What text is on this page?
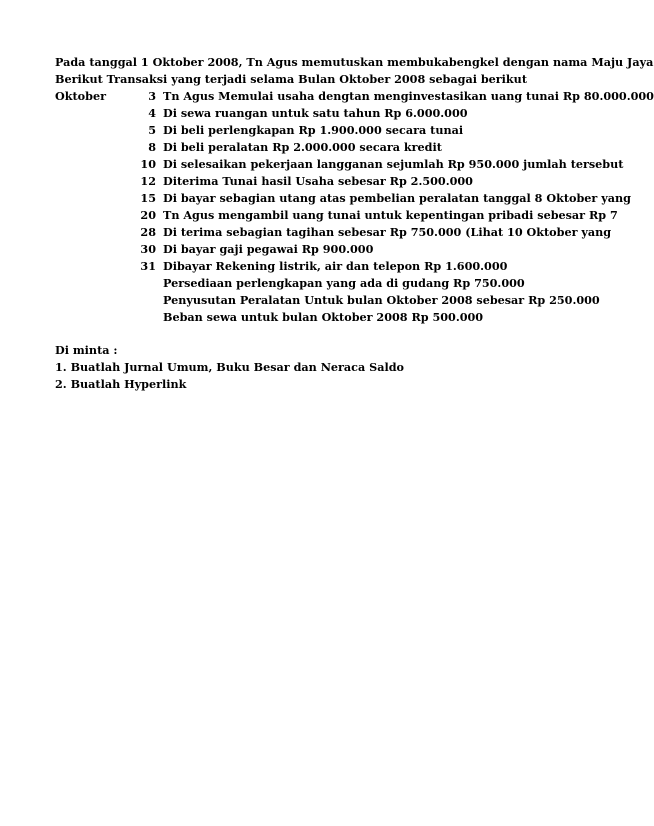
Pada tanggal 1 Oktober 2008, Tn Agus memutuskan membukabengkel dengan nama Maju Jaya
Berikut Transaksi yang terjadi selama Bulan Oktober 2008 sebagai berikut
Oktober	3 Tn Agus Memulai usaha dengtan menginvestasikan uang tunai Rp 80.000.000
4 Di sewa ruangan untuk satu tahun Rp 6.000.000
5 Di beli perlengkapan Rp 1.900.000 secara tunai
8 Di beli peralatan Rp 2.000.000 secara kredit
10 Di selesaikan pekerjaan langganan sejumlah Rp 950.000 jumlah tersebut
12 Diterima Tunai hasil Usaha sebesar Rp 2.500.000
15 Di bayar sebagian utang atas pembelian peralatan tanggal 8 Oktober yang
20 Tn Agus mengambil uang tunai untuk kepentingan pribadi sebesar Rp 7
28 Di terima sebagian tagihan sebesar Rp 750.000 (Lihat 10 Oktober yang
30 Di bayar gaji pegawai Rp 900.000
31 Dibayar Rekening listrik, air dan telepon Rp 1.600.000
Persediaan perlengkapan yang ada di gudang Rp 750.000
Penyusutan Peralatan Untuk bulan Oktober 2008 sebesar Rp 250.000
Beban sewa untuk bulan Oktober 2008 Rp 500.000
Di minta :
1. Buatlah Jurnal Umum, Buku Besar dan Neraca Saldo
2. Buatlah Hyperlink
